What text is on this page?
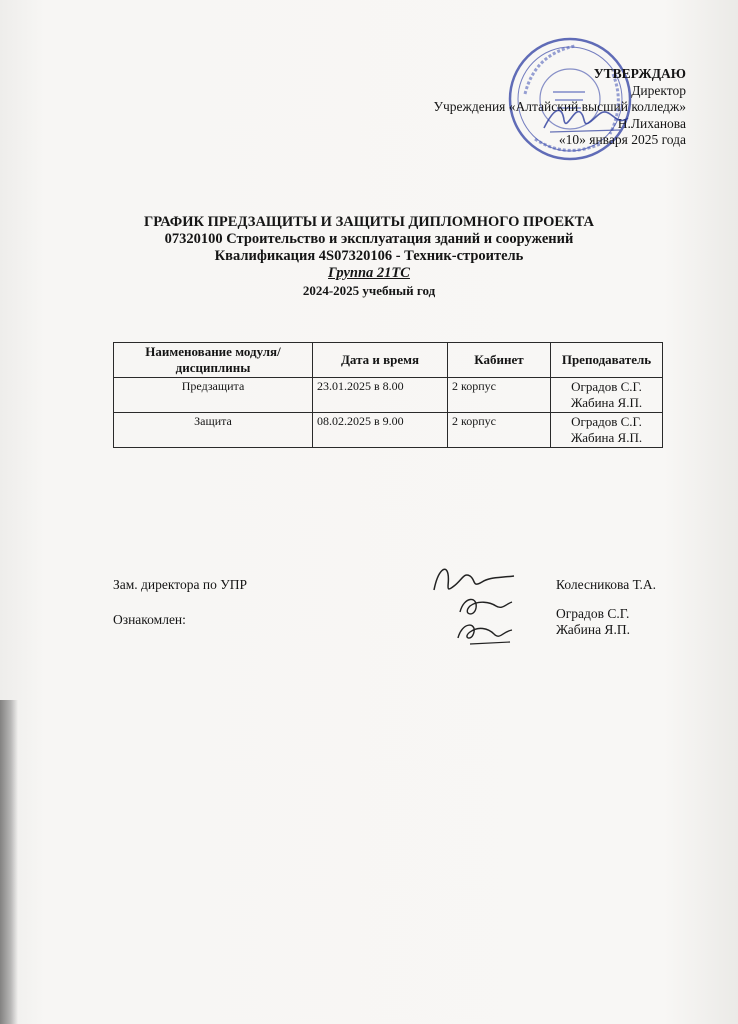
УТВЕРЖДАЮ
Директор
Учреждения «Алтайский высший колледж»
Н.Лиханова
«10» января 2025 года
ГРАФИК ПРЕДЗАЩИТЫ И ЗАЩИТЫ ДИПЛОМНОГО ПРОЕКТА
07320100 Строительство и эксплуатация зданий и сооружений
Квалификация 4S07320106 - Техник-строитель
Группа 21ТС
2024-2025 учебный год
Наименование модуля/ дисциплины	Дата и время	Кабинет	Преподаватель
Предзащита	23.01.2025 в 8.00	2 корпус	Оградов С.Г.
Жабина Я.П.

Защита	08.02.2025 в 9.00	2 корпус	Оградов С.Г.
Жабина Я.П.
Зам. директора по УПР	Колесникова Т.А.
Ознакомлен:	Оградов С.Г.
Жабина Я.П.
